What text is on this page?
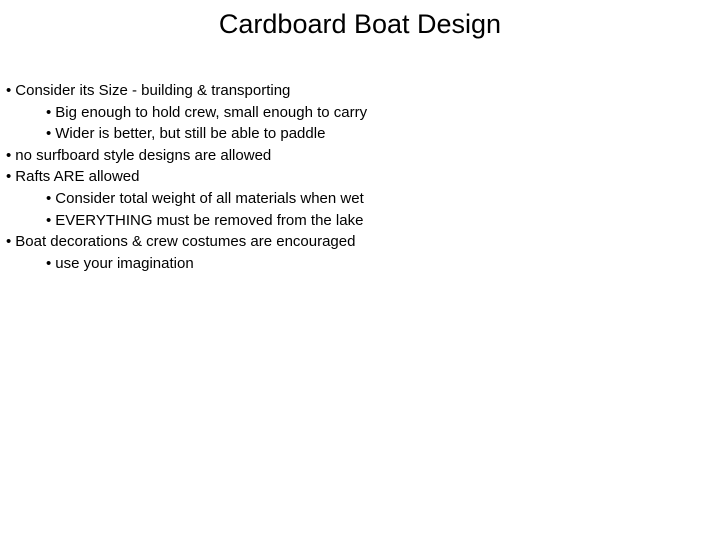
Cardboard Boat Design
• Consider its Size - building & transporting
• Big enough to hold crew, small enough to carry
• Wider is better, but still be able to paddle
• no surfboard style designs are allowed
• Rafts ARE allowed
• Consider total weight of all materials when wet
• EVERYTHING must be removed from the lake
• Boat decorations & crew costumes are encouraged
• use your imagination
